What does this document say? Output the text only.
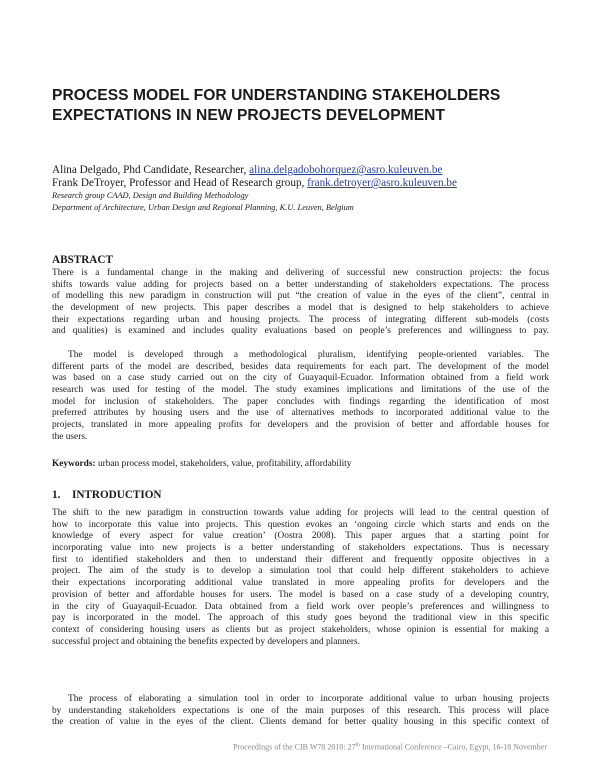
PROCESS MODEL FOR UNDERSTANDING STAKEHOLDERS
EXPECTATIONS IN NEW PROJECTS DEVELOPMENT
Alina Delgado, Phd Candidate, Researcher, alina.delgadobohorquez@asro.kuleuven.be
Frank DeTroyer, Professor and Head of Research group, frank.detroyer@asro.kuleuven.be
Research group CAAD, Design and Building Methodology
Department of Architecture, Urban Design and Regional Planning, K.U. Leuven, Belgium
ABSTRACT
There is a fundamental change in the making and delivering of successful new construction projects: the focus
shifts towards value adding for projects based on a better understanding of stakeholders expectations. The process
of modelling this new paradigm in construction will put “the creation of value in the eyes of the client”, central in
the development of new projects. This paper describes a model that is designed to help stakeholders to achieve
their expectations regarding urban and housing projects. The process of integrating different sub-models (costs
and qualities) is examined and includes quality evaluations based on people’s preferences and willingness to pay.
The model is developed through a methodological pluralism, identifying people-oriented variables. The
different parts of the model are described, besides data requirements for each part. The development of the model
was based on a case study carried out on the city of Guayaquil-Ecuador. Information obtained from a field work
research was used for testing of the model. The study examines implications and limitations of the use of the
model for inclusion of stakeholders. The paper concludes with findings regarding the identification of most
preferred attributes by housing users and the use of alternatives methods to incorporated additional value to the
projects, translated in more appealing profits for developers and the provision of better and affordable houses for
the users.
Keywords: urban process model, stakeholders, value, profitability, affordability
1. INTRODUCTION
The shift to the new paradigm in construction towards value adding for projects will lead to the central question of
how to incorporate this value into projects. This question evokes an ‘ongoing circle which starts and ends on the
knowledge of every aspect for value creation’ (Oostra 2008). This paper argues that a starting point for
incorporating value into new projects is a better understanding of stakeholders expectations. Thus is necessary
first to identified stakeholders and then to understand their different and frequently opposite objectives in a
project. The aim of the study is to develop a simulation tool that could help different stakeholders to achieve
their expectations incorporating additional value translated in more appealing profits for developers and the
provision of better and affordable houses for users. The model is based on a case study of a developing country,
in the city of Guayaquil-Ecuador. Data obtained from a field work over people’s preferences and willingness to
pay is incorporated in the model. The approach of this study goes beyond the traditional view in this specific
context of considering housing users as clients but as project stakeholders, whose opinion is essential for making a
successful project and obtaining the benefits expected by developers and planners.
The process of elaborating a simulation tool in order to incorporate additional value to urban housing projects
by understanding stakeholders expectations is one of the main purposes of this research. This process will place
the creation of value in the eyes of the client. Clients demand for better quality housing in this specific context of
Proceedings of the CIB W78 2010: 27th International Conference –Cairo, Egypt, 16-18 November
